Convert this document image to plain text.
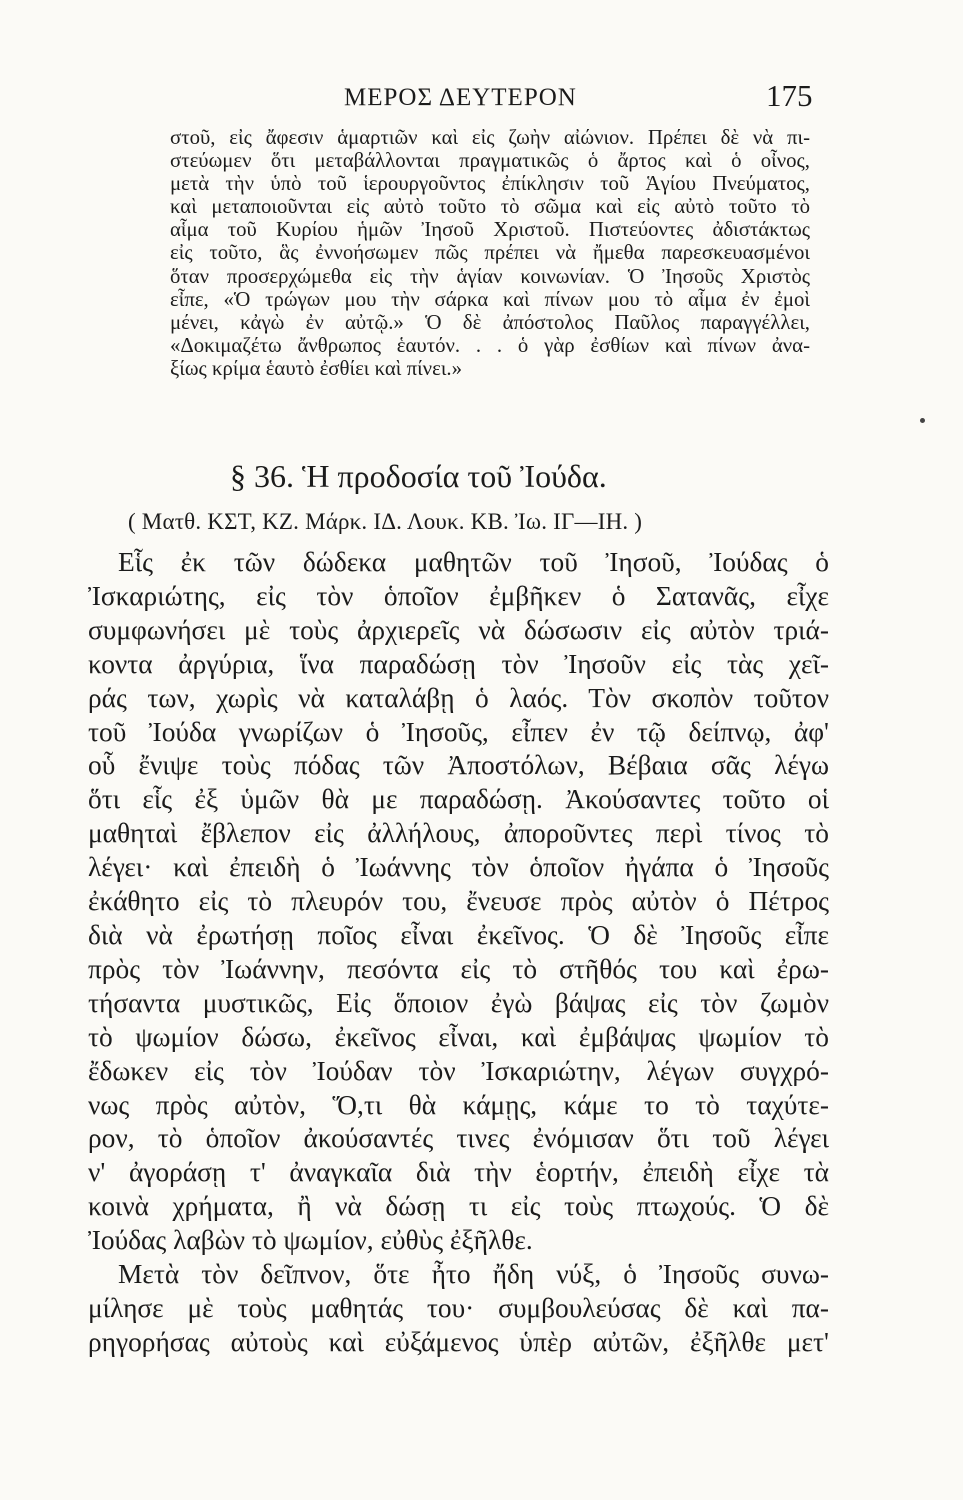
ΜΕΡΟΣ ΔΕΥΤΕΡΟΝ	175

στοῦ, εἰς ἄφεσιν ἁμαρτιῶν καὶ εἰς ζωὴν αἰώνιον. Πρέπει δὲ νὰ πι-

στεύωμεν ὅτι μεταβάλλονται πραγματικῶς ὁ ἄρτος καὶ ὁ οἶνος,

μετὰ τὴν ὑπὸ τοῦ ἱερουργοῦντος ἐπίκλησιν τοῦ Ἁγίου Πνεύματος,

καὶ μεταποιοῦνται εἰς αὐτὸ τοῦτο τὸ σῶμα καὶ εἰς αὐτὸ τοῦτο τὸ

αἷμα τοῦ Κυρίου ἡμῶν Ἰησοῦ Χριστοῦ. Πιστεύοντες ἀδιστάκτως

εἰς τοῦτο, ἃς ἐννοήσωμεν πῶς πρέπει νὰ ἤμεθα παρεσκευασμένοι

ὅταν προσερχώμεθα εἰς τὴν ἁγίαν κοινωνίαν. Ὁ Ἰησοῦς Χριστὸς

εἶπε, «Ὁ τρώγων μου τὴν σάρκα καὶ πίνων μου τὸ αἷμα ἐν ἐμοὶ

μένει, κἀγὼ ἐν αὐτῷ.» Ὁ δὲ ἀπόστολος Παῦλος παραγγέλλει,

«Δοκιμαζέτω ἄνθρωπος ἑαυτόν. . . ὁ γὰρ ἐσθίων καὶ πίνων ἀνα-

ξίως κρίμα ἑαυτὸ ἐσθίει καὶ πίνει.»

§ 36. Ἡ προδοσία τοῦ Ἰούδα.
( Ματθ. ΚΣΤ, ΚΖ. Μάρκ. ΙΔ. Λουκ. ΚΒ. Ἰω. ΙΓ—ΙΗ. )

Εἷς ἐκ τῶν δώδεκα μαθητῶν τοῦ Ἰησοῦ, Ἰούδας ὁ

Ἰσκαριώτης, εἰς τὸν ὁποῖον ἐμβῆκεν ὁ Σατανᾶς, εἶχε

συμφωνήσει μὲ τοὺς ἀρχιερεῖς νὰ δώσωσιν εἰς αὐτὸν τριά-

κοντα ἀργύρια, ἵνα παραδώσῃ τὸν Ἰησοῦν εἰς τὰς χεῖ-

ράς των, χωρὶς νὰ καταλάβῃ ὁ λαός. Τὸν σκοπὸν τοῦτον

τοῦ Ἰούδα γνωρίζων ὁ Ἰησοῦς, εἶπεν ἐν τῷ δείπνῳ, ἀφ'

οὗ ἔνιψε τοὺς πόδας τῶν Ἀποστόλων, Βέβαια σᾶς λέγω

ὅτι εἷς ἐξ ὑμῶν θὰ με παραδώσῃ. Ἀκούσαντες τοῦτο οἱ

μαθηταὶ ἔβλεπον εἰς ἀλλήλους, ἀποροῦντες περὶ τίνος τὸ

λέγει· καὶ ἐπειδὴ ὁ Ἰωάννης τὸν ὁποῖον ἠγάπα ὁ Ἰησοῦς

ἐκάθητο εἰς τὸ πλευρόν του, ἔνευσε πρὸς αὐτὸν ὁ Πέτρος

διὰ νὰ ἐρωτήσῃ ποῖος εἶναι ἐκεῖνος. Ὁ δὲ Ἰησοῦς εἶπε

πρὸς τὸν Ἰωάννην, πεσόντα εἰς τὸ στῆθός του καὶ ἐρω-

τήσαντα μυστικῶς, Εἰς ὅποιον ἐγὼ βάψας εἰς τὸν ζωμὸν

τὸ ψωμίον δώσω, ἐκεῖνος εἶναι, καὶ ἐμβάψας ψωμίον τὸ

ἔδωκεν εἰς τὸν Ἰούδαν τὸν Ἰσκαριώτην, λέγων συγχρό-

νως πρὸς αὐτὸν, Ὅ,τι θὰ κάμῃς, κάμε το τὸ ταχύτε-

ρον, τὸ ὁποῖον ἀκούσαντές τινες ἐνόμισαν ὅτι τοῦ λέγει

ν' ἀγοράσῃ τ' ἀναγκαῖα διὰ τὴν ἑορτήν, ἐπειδὴ εἶχε τὰ

κοινὰ χρήματα, ἢ νὰ δώσῃ τι εἰς τοὺς πτωχούς. Ὁ δὲ

Ἰούδας λαβὼν τὸ ψωμίον, εὐθὺς ἐξῆλθε.

Μετὰ τὸν δεῖπνον, ὅτε ἦτο ἤδη νύξ, ὁ Ἰησοῦς συνω-

μίλησε μὲ τοὺς μαθητάς του· συμβουλεύσας δὲ καὶ πα-

ρηγορήσας αὐτοὺς καὶ εὐξάμενος ὑπὲρ αὐτῶν, ἐξῆλθε μετ'
